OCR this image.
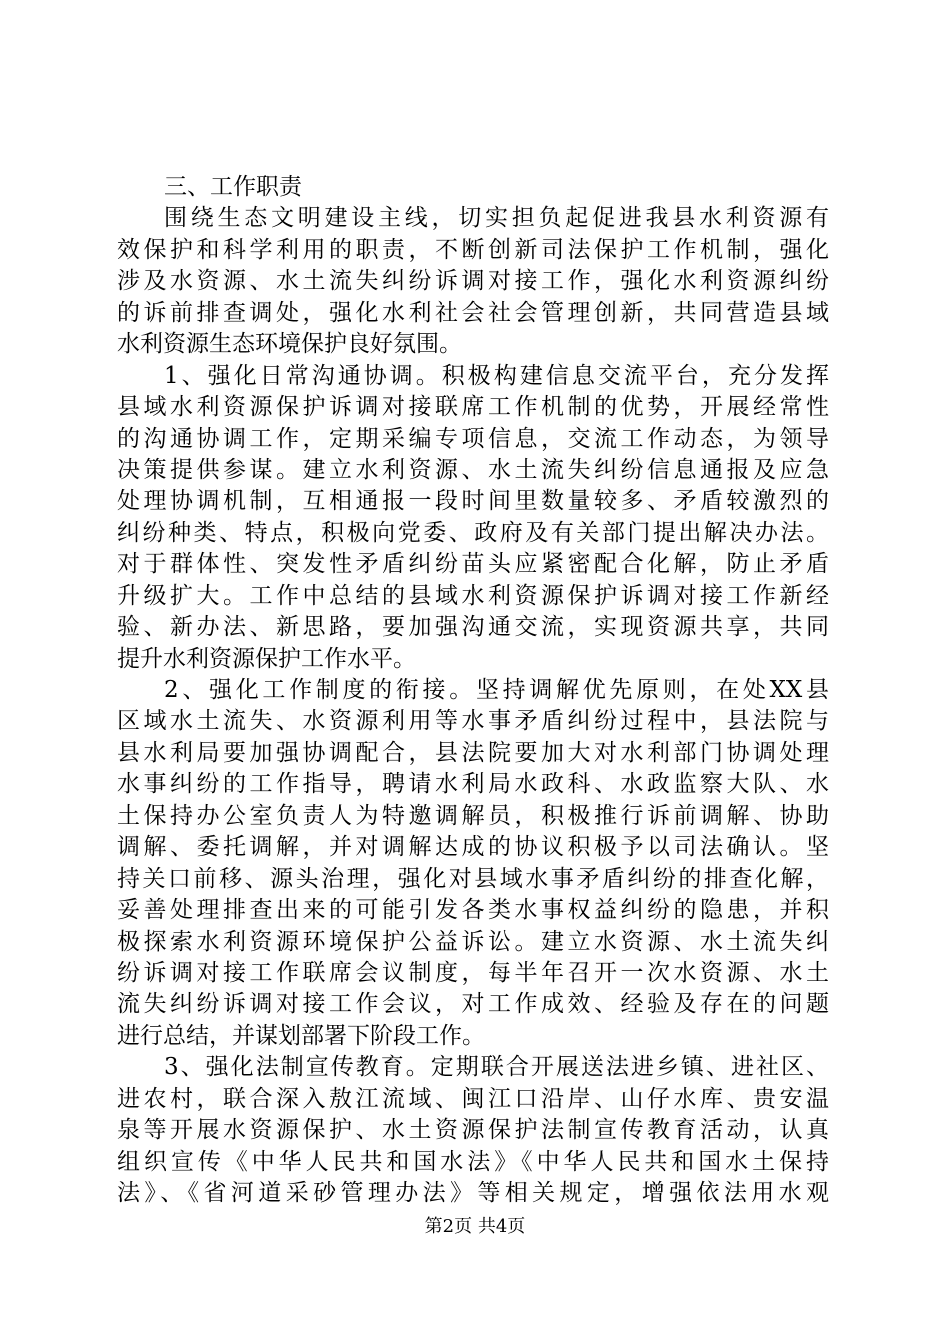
三、工作职责
围绕生态文明建设主线，切实担负起促进我县水利资源有
效保护和科学利用的职责，不断创新司法保护工作机制，强化
涉及水资源、水土流失纠纷诉调对接工作，强化水利资源纠纷
的诉前排查调处，强化水利社会社会管理创新，共同营造县域
水利资源生态环境保护良好氛围。
1、强化日常沟通协调。积极构建信息交流平台，充分发挥
县域水利资源保护诉调对接联席工作机制的优势，开展经常性
的沟通协调工作，定期采编专项信息，交流工作动态，为领导
决策提供参谋。建立水利资源、水土流失纠纷信息通报及应急
处理协调机制，互相通报一段时间里数量较多、矛盾较激烈的
纠纷种类、特点，积极向党委、政府及有关部门提出解决办法。
对于群体性、突发性矛盾纠纷苗头应紧密配合化解，防止矛盾
升级扩大。工作中总结的县域水利资源保护诉调对接工作新经
验、新办法、新思路，要加强沟通交流，实现资源共享，共同
提升水利资源保护工作水平。
2、强化工作制度的衔接。坚持调解优先原则，在处XX县
区域水土流失、水资源利用等水事矛盾纠纷过程中，县法院与
县水利局要加强协调配合，县法院要加大对水利部门协调处理
水事纠纷的工作指导，聘请水利局水政科、水政监察大队、水
土保持办公室负责人为特邀调解员，积极推行诉前调解、协助
调解、委托调解，并对调解达成的协议积极予以司法确认。坚
持关口前移、源头治理，强化对县域水事矛盾纠纷的排查化解，
妥善处理排查出来的可能引发各类水事权益纠纷的隐患，并积
极探索水利资源环境保护公益诉讼。建立水资源、水土流失纠
纷诉调对接工作联席会议制度，每半年召开一次水资源、水土
流失纠纷诉调对接工作会议，对工作成效、经验及存在的问题
进行总结，并谋划部署下阶段工作。
3、强化法制宣传教育。定期联合开展送法进乡镇、进社区、
进农村，联合深入敖江流域、闽江口沿岸、山仔水库、贵安温
泉等开展水资源保护、水土资源保护法制宣传教育活动，认真
组织宣传《中华人民共和国水法》《中华人民共和国水土保持
法》、《省河道采砂管理办法》等相关规定，增强依法用水观
第2页 共4页
